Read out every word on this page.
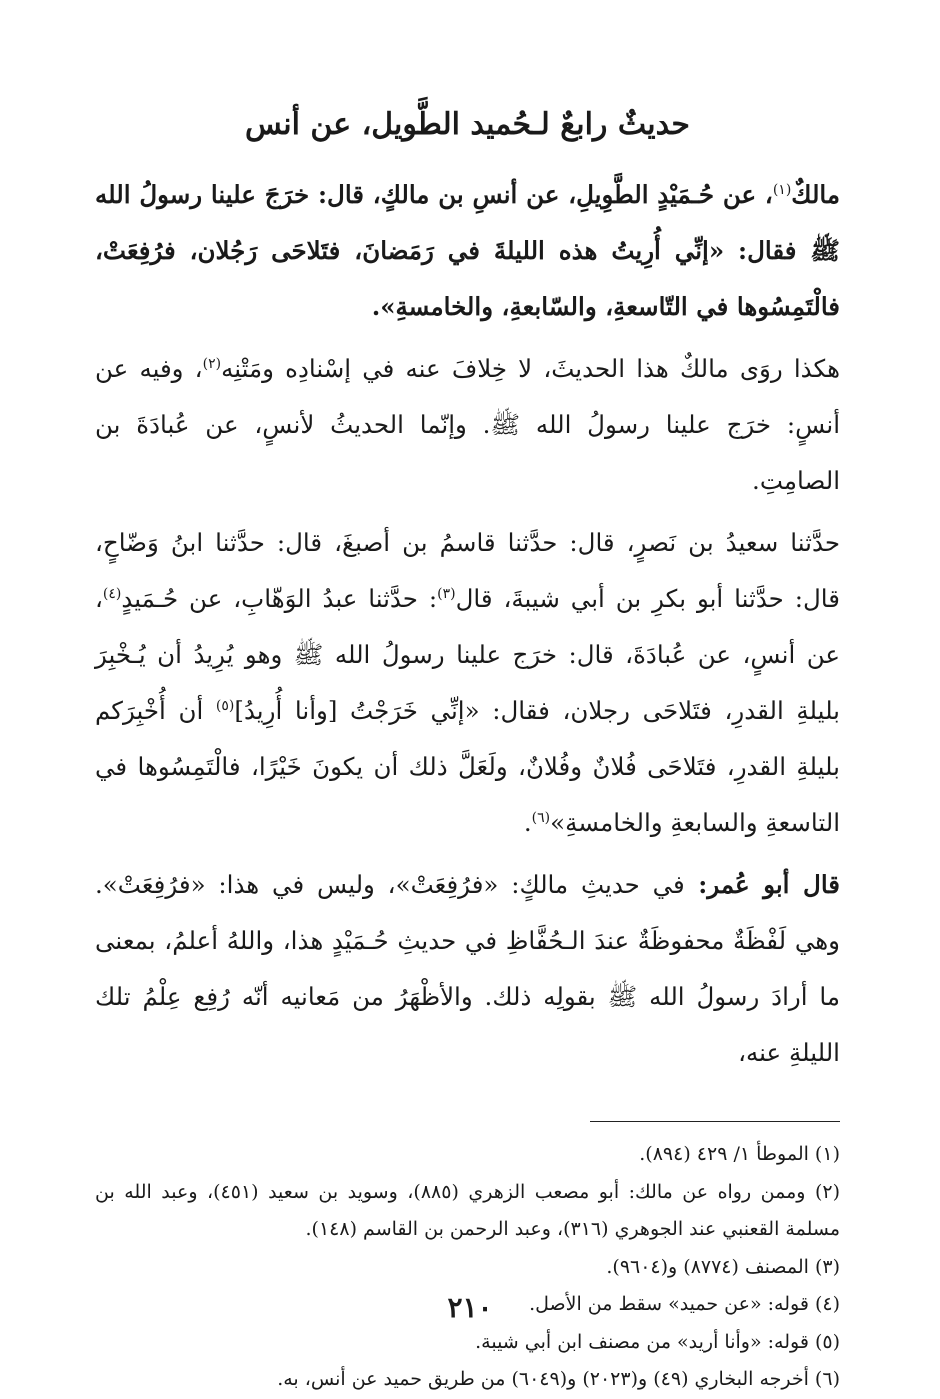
حديثٌ رابعٌ لـحُميد الطَّويل، عن أنس

مالكٌ$^{(١)}$، عن حُـمَيْدٍ الطَّوِيلِ، عن أنسِ بن مالكٍ، قال: خرَجَ علينا رسولُ الله ﷺ فقال: «إنِّي أُرِيتُ هذه الليلةَ في رَمَضانَ، فتَلاحَى رَجُلان، فرُفِعَتْ، فالْتَمِسُوها في التّاسعةِ، والسّابعةِ، والخامسةِ».

هكذا روَى مالكٌ هذا الحديثَ، لا خِلافَ عنه في إسْنادِه ومَتْنِه$^{(٢)}$، وفيه عن أنسٍ: خرَج علينا رسولُ الله ﷺ. وإنّما الحديثُ لأنسٍ، عن عُبادَةَ بن الصامِتِ.

حدَّثنا سعيدُ بن نَصرٍ، قال: حدَّثنا قاسمُ بن أصبغَ، قال: حدَّثنا ابنُ وَضّاحٍ، قال: حدَّثنا أبو بكرِ بن أبي شيبةَ، قال$^{(٣)}$: حدَّثنا عبدُ الوَهّابِ، عن حُـمَيدٍ$^{(٤)}$، عن أنسٍ، عن عُبادَةَ، قال: خرَج علينا رسولُ الله ﷺ وهو يُرِيدُ أن يُـخْبِرَ بليلةِ القدرِ، فتَلاحَى رجلان، فقال: «إنِّي خَرَجْتُ [وأنا أُرِيدُ]$^{(٥)}$ أن أُخْبِرَكم بليلةِ القدرِ، فتَلاحَى فُلانٌ وفُلانٌ، ولَعَلَّ ذلك أن يكونَ خَيْرًا، فالْتَمِسُوها في التاسعةِ والسابعةِ والخامسةِ»$^{(٦)}$.

قال أبو عُمر: في حديثِ مالكٍ: «فرُفِعَتْ»، وليس في هذا: «فرُفِعَتْ». وهي لَفْظَةٌ محفوظَةٌ عندَ الـحُفَّاظِ في حديثِ حُـمَيْدٍ هذا، واللهُ أعلمُ، بمعنى ما أرادَ رسولُ الله ﷺ بقولِه ذلك. والأظْهَرُ من مَعانيه أنّه رُفِع عِلْمُ تلك الليلةِ عنه،

(١) الموطأ ١/ ٤٢٩ (٨٩٤).

(٢) وممن رواه عن مالك: أبو مصعب الزهري (٨٨٥)، وسويد بن سعيد (٤٥١)، وعبد الله بن مسلمة القعنبي عند الجوهري (٣١٦)، وعبد الرحمن بن القاسم (١٤٨).

(٣) المصنف (٨٧٧٤) و(٩٦٠٤).

(٤) قوله: «عن حميد» سقط من الأصل.

(٥) قوله: «وأنا أريد» من مصنف ابن أبي شيبة.

(٦) أخرجه البخاري (٤٩) و(٢٠٢٣) و(٦٠٤٩) من طريق حميد عن أنس، به.

٢١٠
